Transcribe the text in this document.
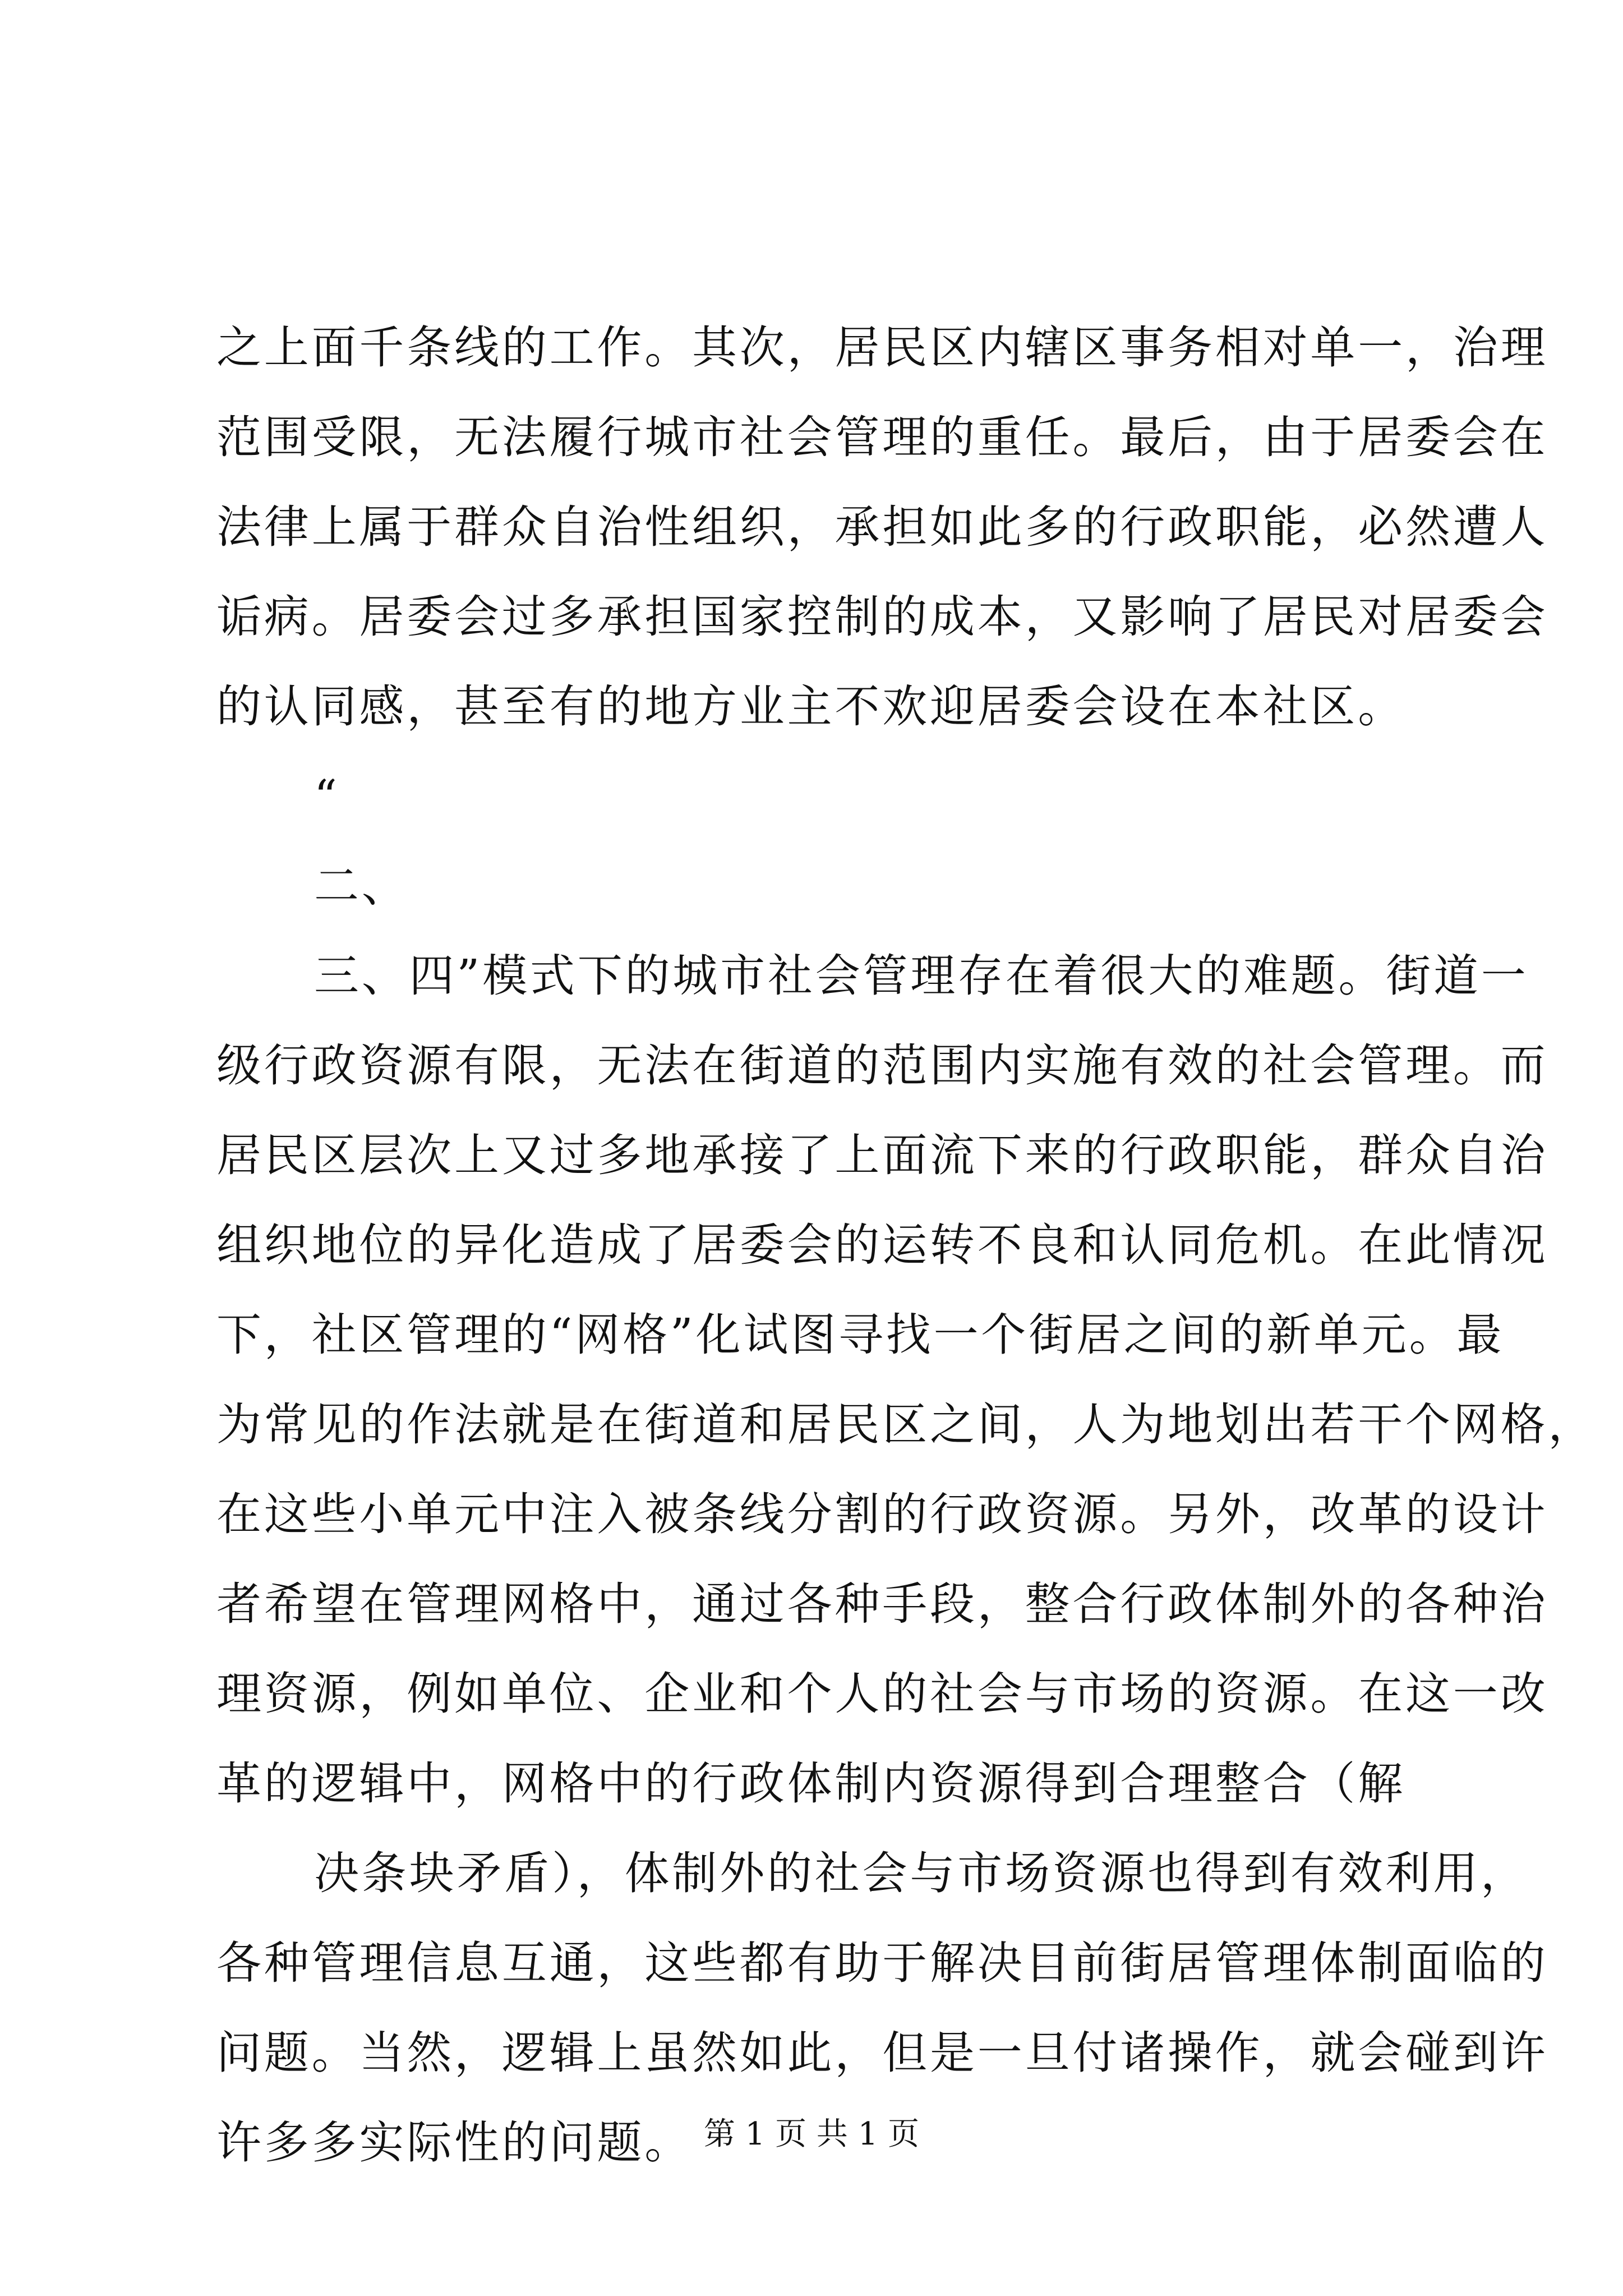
之上面千条线的工作。其次，居民区内辖区事务相对单一，治理
范围受限，无法履行城市社会管理的重任。最后，由于居委会在
法律上属于群众自治性组织，承担如此多的行政职能，必然遭人
诟病。居委会过多承担国家控制的成本，又影响了居民对居委会
的认同感，甚至有的地方业主不欢迎居委会设在本社区。
“
二、
三、四”模式下的城市社会管理存在着很大的难题。街道一
级行政资源有限，无法在街道的范围内实施有效的社会管理。而
居民区层次上又过多地承接了上面流下来的行政职能，群众自治
组织地位的异化造成了居委会的运转不良和认同危机。在此情况
下，社区管理的“网格”化试图寻找一个街居之间的新单元。最
为常见的作法就是在街道和居民区之间，人为地划出若干个网格，
在这些小单元中注入被条线分割的行政资源。另外，改革的设计
者希望在管理网格中，通过各种手段，整合行政体制外的各种治
理资源，例如单位、企业和个人的社会与市场的资源。在这一改
革的逻辑中，网格中的行政体制内资源得到合理整合（解
决条块矛盾），体制外的社会与市场资源也得到有效利用，
各种管理信息互通，这些都有助于解决目前街居管理体制面临的
问题。当然，逻辑上虽然如此，但是一旦付诸操作，就会碰到许
许多多实际性的问题。 第 1 页 共 1 页
